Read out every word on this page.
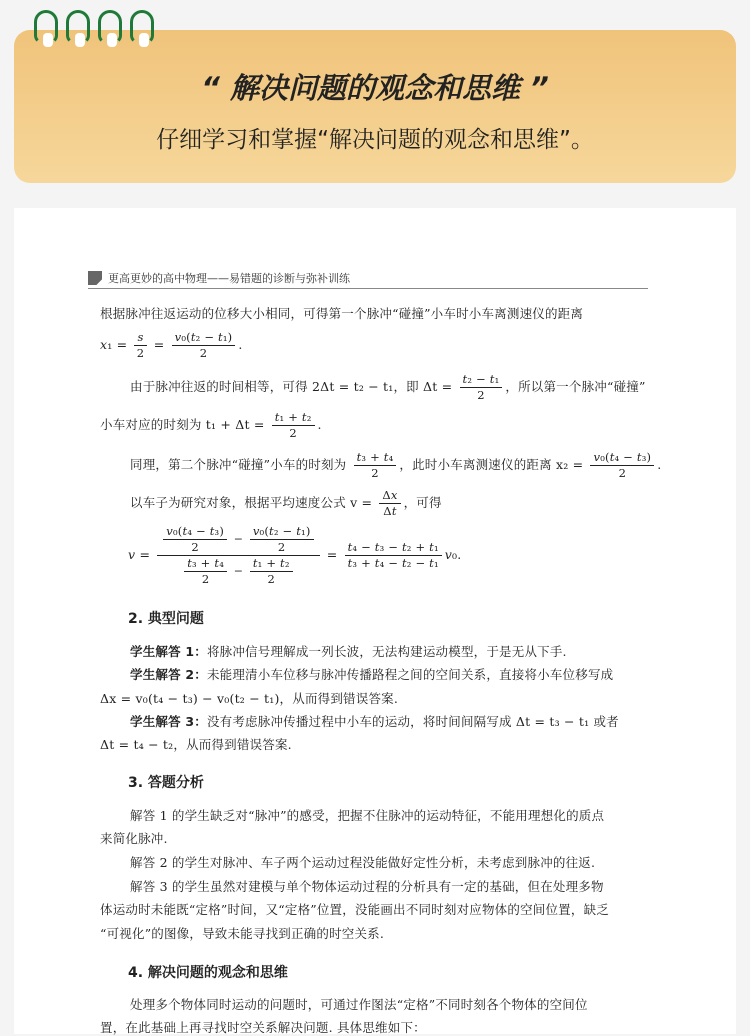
“ 解决问题的观念和思维 ”
仔细学习和掌握“解决问题的观念和思维”。
更高更妙的高中物理——易错题的诊断与弥补训练
根据脉冲往返运动的位移大小相同，可得第一个脉冲“碰撞”小车时小车离测速仪的距离
$x_1 = \frac{s}{2} = \frac{\text{v₀(t₂ − t₁)}}{2}$ .
由于脉冲往返的时间相等，可得 2Δt = t₂ − t₁，即 $\Delta t = \frac{\text{t₂ − t₁}}{2}$ ，所以第一个脉冲“碰撞”
小车对应的时刻为 $t_1 + \Delta t = \frac{\text{t₁ + t₂}}{2}$ .
同理，第二个脉冲“碰撞”小车的时刻为 $\frac{\text{t₃ + t₄}}{2}$ ，此时小车离测速仪的距离 $x_2 = \frac{\text{v₀(t₄ − t₃)}}{2}$ .
以车子为研究对象，根据平均速度公式 $v = \frac{\Delta x}{\Delta t}$ ，可得
$v = \frac{\frac{\text{v₀(t₄ − t₃)}}{2} - \frac{\text{v₀(t₂ − t₁)}}{2}}{\frac{\text{t₃ + t₄}}{2} - \frac{\text{t₁ + t₂}}{2}} = \frac{\text{t₄ − t₃ − t₂ + t₁}}{\text{t₃ + t₄ − t₂ − t₁}} v_0$.
2. 典型问题
学生解答 1：将脉冲信号理解成一列长波，无法构建运动模型，于是无从下手.
学生解答 2：未能理清小车位移与脉冲传播路程之间的空间关系，直接将小车位移写成
Δx = v₀(t₄ − t₃) − v₀(t₂ − t₁)，从而得到错误答案.
学生解答 3：没有考虑脉冲传播过程中小车的运动，将时间间隔写成 Δt = t₃ − t₁ 或者
Δt = t₄ − t₂，从而得到错误答案.
3. 答题分析
解答 1 的学生缺乏对“脉冲”的感受，把握不住脉冲的运动特征，不能用理想化的质点
来简化脉冲.
解答 2 的学生对脉冲、车子两个运动过程没能做好定性分析，未考虑到脉冲的往返.
解答 3 的学生虽然对建模与单个物体运动过程的分析具有一定的基础，但在处理多物
体运动时未能既“定格”时间，又“定格”位置，没能画出不同时刻对应物体的空间位置，缺乏
“可视化”的图像，导致未能寻找到正确的时空关系.
4. 解决问题的观念和思维
处理多个物体同时运动的问题时，可通过作图法“定格”不同时刻各个物体的空间位
置，在此基础上再寻找时空关系解决问题. 具体思维如下：
